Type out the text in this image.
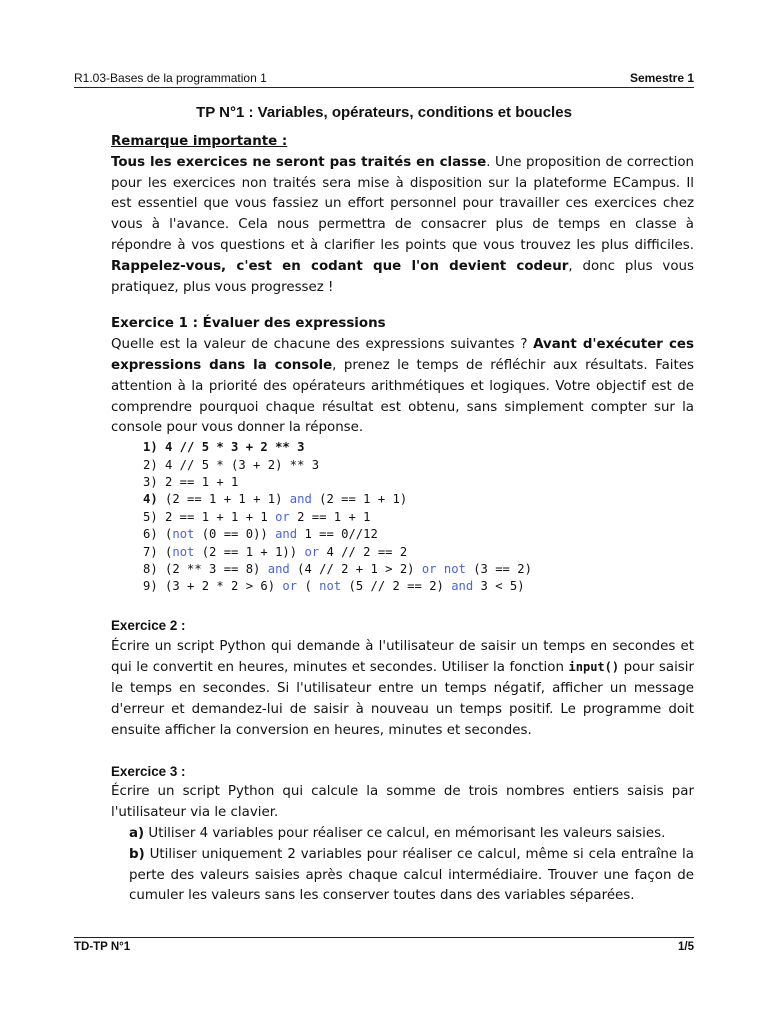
R1.03-Bases de la programmation 1	Semestre 1
TP N°1 : Variables, opérateurs, conditions et boucles

Remarque importante :

Tous les exercices ne seront pas traités en classe. Une proposition de correction pour les exercices non traités sera mise à disposition sur la plateforme ECampus. Il est essentiel que vous fassiez un effort personnel pour travailler ces exercices chez vous à l'avance. Cela nous permettra de consacrer plus de temps en classe à répondre à vos questions et à clarifier les points que vous trouvez les plus difficiles. Rappelez-vous, c'est en codant que l'on devient codeur, donc plus vous pratiquez, plus vous progressez !

Exercice 1 : Évaluer des expressions

Quelle est la valeur de chacune des expressions suivantes ? Avant d'exécuter ces expressions dans la console, prenez le temps de réfléchir aux résultats. Faites attention à la priorité des opérateurs arithmétiques et logiques. Votre objectif est de comprendre pourquoi chaque résultat est obtenu, sans simplement compter sur la console pour vous donner la réponse.

1) 4 // 5 * 3 + 2 ** 3
2) 4 // 5 * (3 + 2) ** 3
3) 2 == 1 + 1
4) (2 == 1 + 1 + 1) and (2 == 1 + 1)
5) 2 == 1 + 1 + 1 or 2 == 1 + 1
6) (not (0 == 0)) and 1 == 0//12
7) (not (2 == 1 + 1)) or 4 // 2 == 2
8) (2 ** 3 == 8) and (4 // 2 + 1 > 2) or not (3 == 2)
9) (3 + 2 * 2 > 6) or ( not (5 // 2 == 2) and 3 < 5)

Exercice 2 :

Écrire un script Python qui demande à l'utilisateur de saisir un temps en secondes et qui le convertit en heures, minutes et secondes. Utiliser la fonction input() pour saisir le temps en secondes. Si l'utilisateur entre un temps négatif, afficher un message d'erreur et demandez-lui de saisir à nouveau un temps positif. Le programme doit ensuite afficher la conversion en heures, minutes et secondes.

Exercice 3 :

Écrire un script Python qui calcule la somme de trois nombres entiers saisis par l'utilisateur via le clavier.

a) Utiliser 4 variables pour réaliser ce calcul, en mémorisant les valeurs saisies.

b) Utiliser uniquement 2 variables pour réaliser ce calcul, même si cela entraîne la perte des valeurs saisies après chaque calcul intermédiaire. Trouver une façon de cumuler les valeurs sans les conserver toutes dans des variables séparées.

TD-TP N°1	1/5
